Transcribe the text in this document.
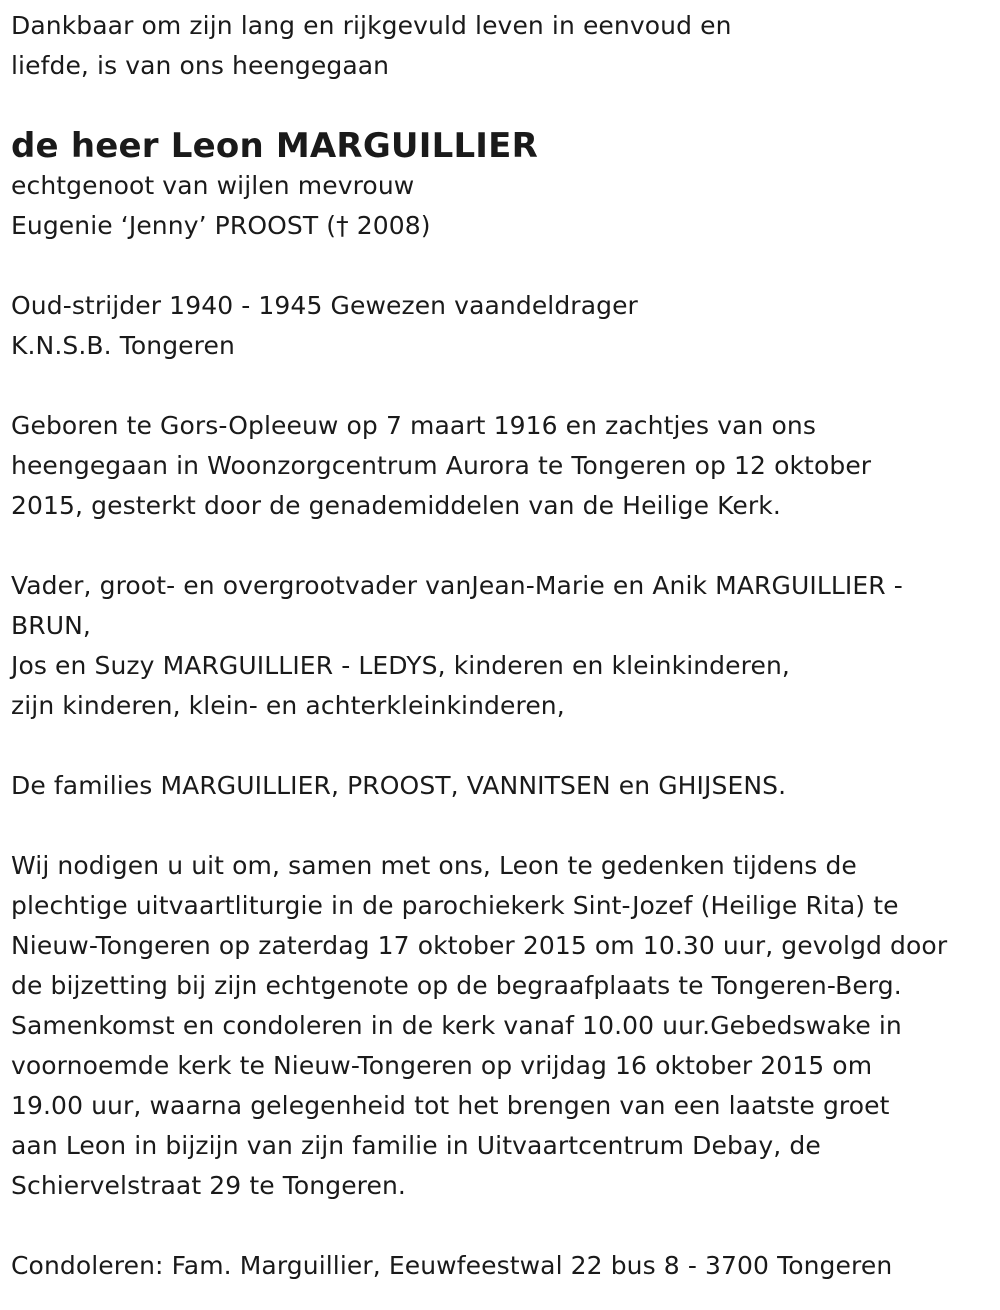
Dankbaar om zijn lang en rijkgevuld leven in eenvoud en
liefde, is van ons heengegaan
de heer Leon MARGUILLIER
echtgenoot van wijlen mevrouw
Eugenie ‘Jenny’ PROOST († 2008)
Oud-strijder 1940 - 1945 Gewezen vaandeldrager
K.N.S.B. Tongeren
Geboren te Gors-Opleeuw op 7 maart 1916 en zachtjes van ons
heengegaan in Woonzorgcentrum Aurora te Tongeren op 12 oktober
2015, gesterkt door de genademiddelen van de Heilige Kerk.
Vader, groot- en overgrootvader vanJean-Marie en Anik MARGUILLIER -
BRUN,
Jos en Suzy MARGUILLIER - LEDYS, kinderen en kleinkinderen,
zijn kinderen, klein- en achterkleinkinderen,
De families MARGUILLIER, PROOST, VANNITSEN en GHIJSENS.
Wij nodigen u uit om, samen met ons, Leon te gedenken tijdens de
plechtige uitvaartliturgie in de parochiekerk Sint-Jozef (Heilige Rita) te
Nieuw-Tongeren op zaterdag 17 oktober 2015 om 10.30 uur, gevolgd door
de bijzetting bij zijn echtgenote op de begraafplaats te Tongeren-Berg.
Samenkomst en condoleren in de kerk vanaf 10.00 uur.Gebedswake in
voornoemde kerk te Nieuw-Tongeren op vrijdag 16 oktober 2015 om
19.00 uur, waarna gelegenheid tot het brengen van een laatste groet
aan Leon in bijzijn van zijn familie in Uitvaartcentrum Debay, de
Schiervelstraat 29 te Tongeren.
Condoleren: Fam. Marguillier, Eeuwfeestwal 22 bus 8 - 3700 Tongeren
